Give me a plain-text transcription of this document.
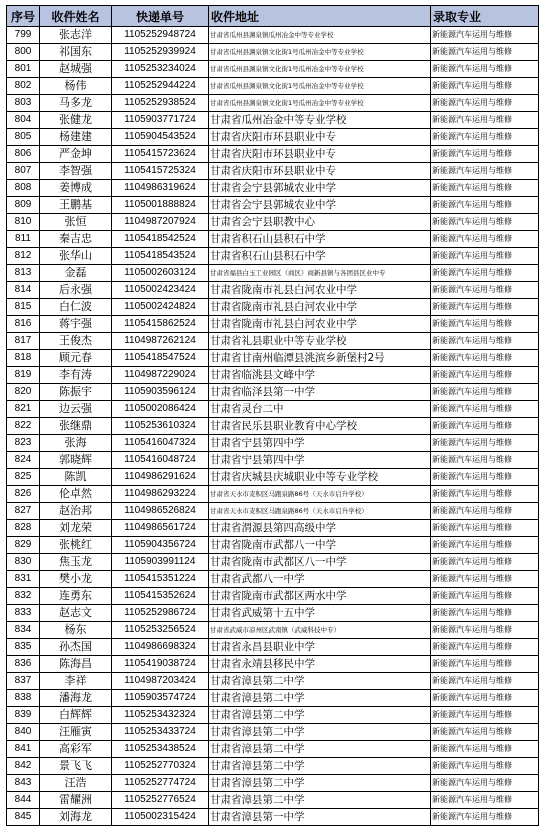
序号	收件姓名	快递单号	收件地址	录取专业
799	张志洋	1105252948724	甘肃省瓜州县渊泉镇瓜州冶金中等专业学校	新能源汽车运用与维修
800	祁国东	1105252939924	甘肃省瓜州县渊泉镇文化街1号瓜州冶金中等专业学校	新能源汽车运用与维修
801	赵城强	1105253234024	甘肃省瓜州县渊泉镇文化街1号瓜州冶金中等专业学校	新能源汽车运用与维修
802	杨伟	1105252944224	甘肃省瓜州县渊泉镇文化街1号瓜州冶金中等专业学校	新能源汽车运用与维修
803	马多龙	1105252938524	甘肃省瓜州县渊泉镇文化街1号瓜州冶金中等专业学校	新能源汽车运用与维修
804	张健龙	1105903771724	甘肃省瓜州冶金中等专业学校	新能源汽车运用与维修
805	杨建建	1105904543524	甘肃省庆阳市环县职业中专	新能源汽车运用与维修
806	严金坤	1105415723624	甘肃省庆阳市环县职业中专	新能源汽车运用与维修
807	李智强	1105415725324	甘肃省庆阳市环县职业中专	新能源汽车运用与维修
808	姜博成	1104986319624	甘肃省会宁县郭城农业中学	新能源汽车运用与维修
809	王鹏基	1105001888824	甘肃省会宁县郭城农业中学	新能源汽车运用与维修
810	张恒	1104987207924	甘肃省会宁县职教中心	新能源汽车运用与维修
811	秦吉忠	1105418542524	甘肃省积石山县积石中学	新能源汽车运用与维修
812	张华山	1105418543524	甘肃省积石山县积石中学	新能源汽车运用与维修
813	金磊	1105002603124	甘肃省福县白玉工业园区（商区）商新县镇与各团县区业中专	新能源汽车运用与维修
814	后永强	1105002423424	甘肃省陇南市礼县白河农业中学	新能源汽车运用与维修
815	白仁波	1105002424824	甘肃省陇南市礼县白河农业中学	新能源汽车运用与维修
816	蒋宇强	1105415862524	甘肃省陇南市礼县白河农业中学	新能源汽车运用与维修
817	王俊杰	1104987262124	甘肃省礼县职业中等专业学校	新能源汽车运用与维修
818	顾元春	1105418547524	甘肃省甘南州临潭县洮滨乡新堡村2号	新能源汽车运用与维修
819	李有涛	1104987229024	甘肃省临洮县文峰中学	新能源汽车运用与维修
820	陈振宇	1105903596124	甘肃省临泽县第一中学	新能源汽车运用与维修
821	边云强	1105002086424	甘肃省灵台二中	新能源汽车运用与维修
822	张继鼎	1105253610324	甘肃省民乐县职业教育中心学校	新能源汽车运用与维修
823	张海	1105416047324	甘肃省宁县第四中学	新能源汽车运用与维修
824	郭晓辉	1105416048724	甘肃省宁县第四中学	新能源汽车运用与维修
825	陈凯	1104986291624	甘肃省庆城县庆城职业中等专业学校	新能源汽车运用与维修
826	伦卓然	1104986293224	甘肃省天水市麦积区马跑泉路86号（天水市启升学校）	新能源汽车运用与维修
827	赵治邦	1104986526824	甘肃省天水市麦积区马跑泉路86号（天水市启升学校）	新能源汽车运用与维修
828	刘龙荣	1104986561724	甘肃省渭源县第四高级中学	新能源汽车运用与维修
829	张桃红	1105904356724	甘肃省陇南市武都八一中学	新能源汽车运用与维修
830	焦玉龙	1105903991124	甘肃省陇南市武都区八一中学	新能源汽车运用与维修
831	樊小龙	1105415351224	甘肃省武都八一中学	新能源汽车运用与维修
832	连勇东	1105415352624	甘肃省陇南市武都区两水中学	新能源汽车运用与维修
833	赵志文	1105252986724	甘肃省武威第十五中学	新能源汽车运用与维修
834	杨东	1105253256524	甘肃省武威市凉州区武南镇（武威科技中专）	新能源汽车运用与维修
835	孙杰国	1104986698324	甘肃省永昌县职业中学	新能源汽车运用与维修
836	陈海昌	1105419038724	甘肃省永靖县移民中学	新能源汽车运用与维修
837	李祥	1104987203424	甘肃省漳县第二中学	新能源汽车运用与维修
838	潘海龙	1105903574724	甘肃省漳县第二中学	新能源汽车运用与维修
839	白辉辉	1105253432324	甘肃省漳县第二中学	新能源汽车运用与维修
840	汪雁寅	1105253433724	甘肃省漳县第二中学	新能源汽车运用与维修
841	高彩军	1105253438524	甘肃省漳县第二中学	新能源汽车运用与维修
842	景飞飞	1105252770324	甘肃省漳县第二中学	新能源汽车运用与维修
843	汪浩	1105252774724	甘肃省漳县第二中学	新能源汽车运用与维修
844	雷耀洲	1105252776524	甘肃省漳县第二中学	新能源汽车运用与维修
845	刘海龙	1105002315424	甘肃省漳县第一中学	新能源汽车运用与维修
